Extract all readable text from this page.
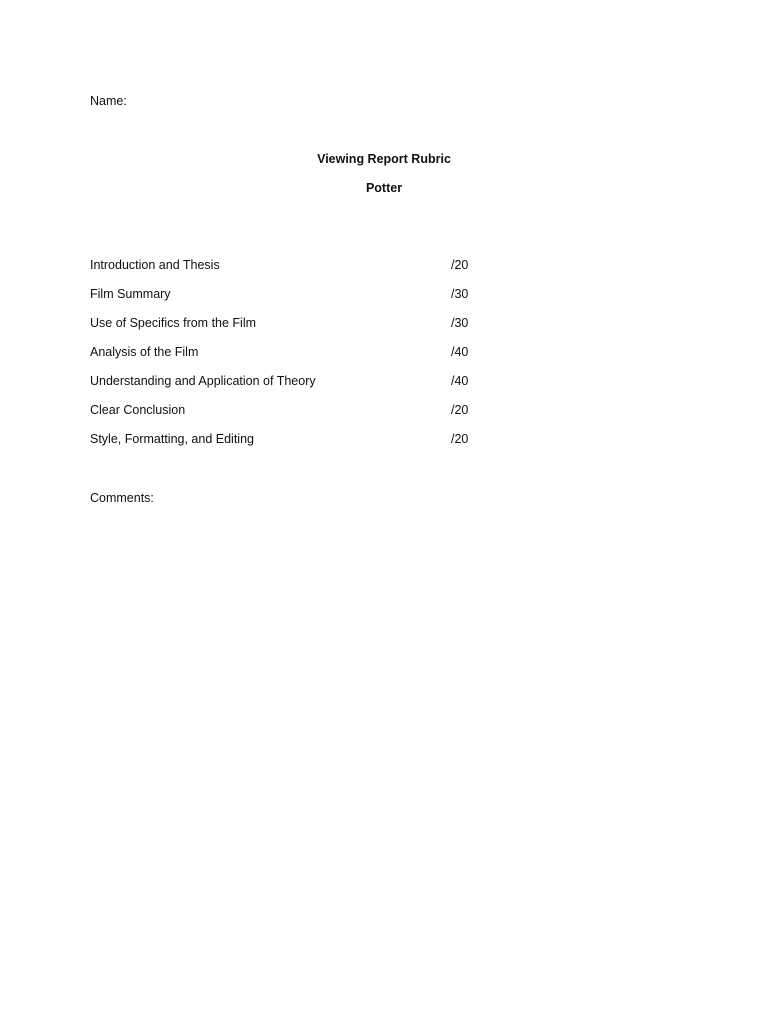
Name:
Viewing Report Rubric
Potter
Introduction and Thesis	/20
Film Summary	/30
Use of Specifics from the Film	/30
Analysis of the Film	/40
Understanding and Application of Theory	/40
Clear Conclusion	/20
Style, Formatting, and Editing	/20
Comments:
